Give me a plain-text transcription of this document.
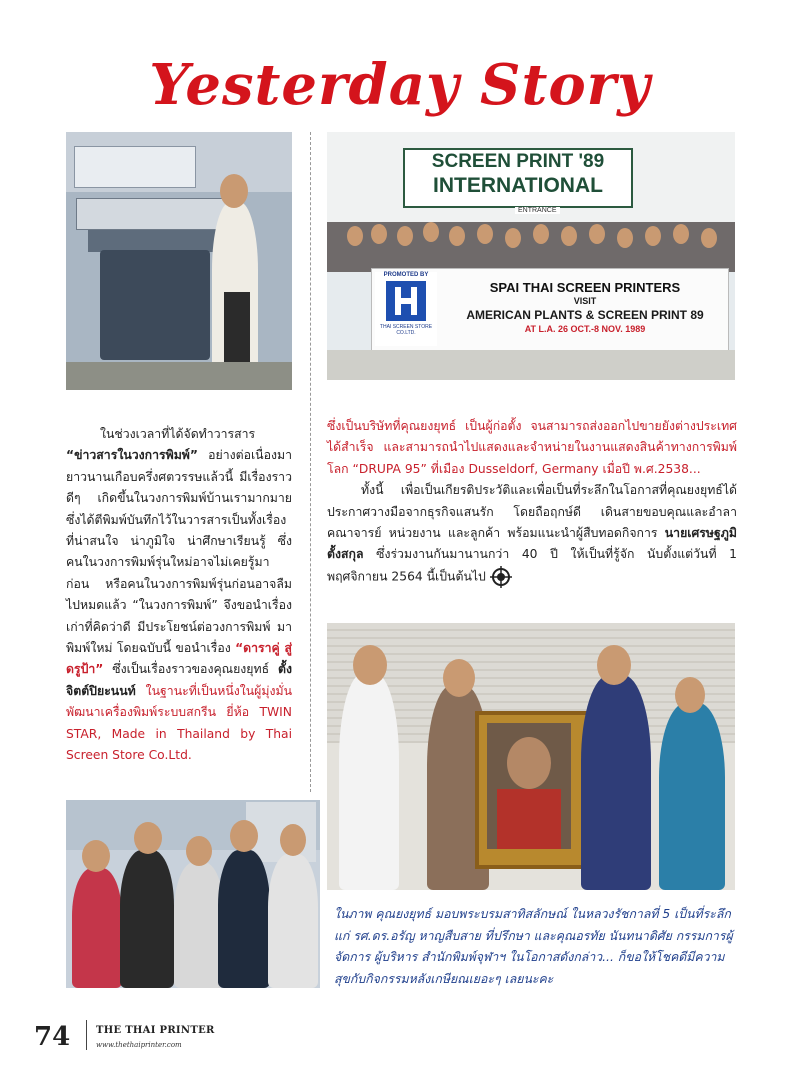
Yesterday Story
SCREEN PRINT '89
INTERNATIONAL
ENTRANCE
PROMOTED BY
THAI SCREEN STORE CO.LTD.
SPAI THAI SCREEN PRINTERS
VISIT
AMERICAN PLANTS & SCREEN PRINT 89
AT L.A. 26 OCT.-8 NOV. 1989
ในช่วงเวลาที่ได้จัดทำวารสาร “ข่าวสารในวงการพิมพ์” อย่างต่อเนื่องมายาวนานเกือบครึ่งศตวรรษแล้วนี้ มีเรื่องราวดีๆ เกิดขึ้นในวงการพิมพ์บ้านเรามากมาย ซึ่งได้ตีพิมพ์บันทึกไว้ในวารสารเป็นทั้งเรื่องที่น่าสนใจ น่าภูมิใจ น่าศึกษาเรียนรู้ ซึ่งคนในวงการพิมพ์รุ่นใหม่อาจไม่เคยรู้มาก่อน หรือคนในวงการพิมพ์รุ่นก่อนอาจลืมไปหมดแล้ว “ในวงการพิมพ์” จึงขอนำเรื่องเก่าที่คิดว่าดี มีประโยชน์ต่อวงการพิมพ์ มาพิมพ์ใหม่ โดยฉบับนี้ ขอนำเรื่อง “ดาราคู่ สู่ดรูป้า” ซึ่งเป็นเรื่องราวของคุณยงยุทธ์ ตั้งจิตต์ปิยะนนท์ ในฐานะที่เป็นหนึ่งในผู้มุ่งมั่นพัฒนาเครื่องพิมพ์ระบบสกรีน ยี่ห้อ TWIN STAR, Made in Thailand by Thai Screen Store Co.Ltd.
ซึ่งเป็นบริษัทที่คุณยงยุทธ์ เป็นผู้ก่อตั้ง จนสามารถส่งออกไปขายยังต่างประเทศได้สำเร็จ และสามารถนำไปแสดงและจำหน่ายในงานแสดงสินค้าทางการพิมพ์โลก “DRUPA 95” ที่เมือง Dusseldorf, Germany เมื่อปี พ.ศ.2538...
ทั้งนี้ เพื่อเป็นเกียรติประวัติและเพื่อเป็นที่ระลึกในโอกาสที่คุณยงยุทธ์ได้ประกาศวางมือจากธุรกิจแสนรัก โดยถือฤกษ์ดี เดินสายขอบคุณและอำลาคณาจารย์ หน่วยงาน และลูกค้า พร้อมแนะนำผู้สืบทอดกิจการ นายเศรษฐภูมิ ตั้งสกุล ซึ่งร่วมงานกันมานานกว่า 40 ปี ให้เป็นที่รู้จัก นับตั้งแต่วันที่ 1 พฤศจิกายน 2564 นี้เป็นต้นไป
ในภาพ คุณยงยุทธ์ มอบพระบรมสาทิสลักษณ์ ในหลวงรัชกาลที่ 5 เป็นที่ระลึกแก่ รศ.ดร.อรัญ หาญสืบสาย ที่ปรึกษา และคุณอรทัย นันทนาดิศัย กรรมการผู้จัดการ ผู้บริหาร สำนักพิมพ์จุฬาฯ ในโอกาสดังกล่าว... ก็ขอให้โชคดีมีความสุขกับกิจกรรมหลังเกษียณเยอะๆ เลยนะคะ
74	THE THAI PRINTER
www.thethaiprinter.com
